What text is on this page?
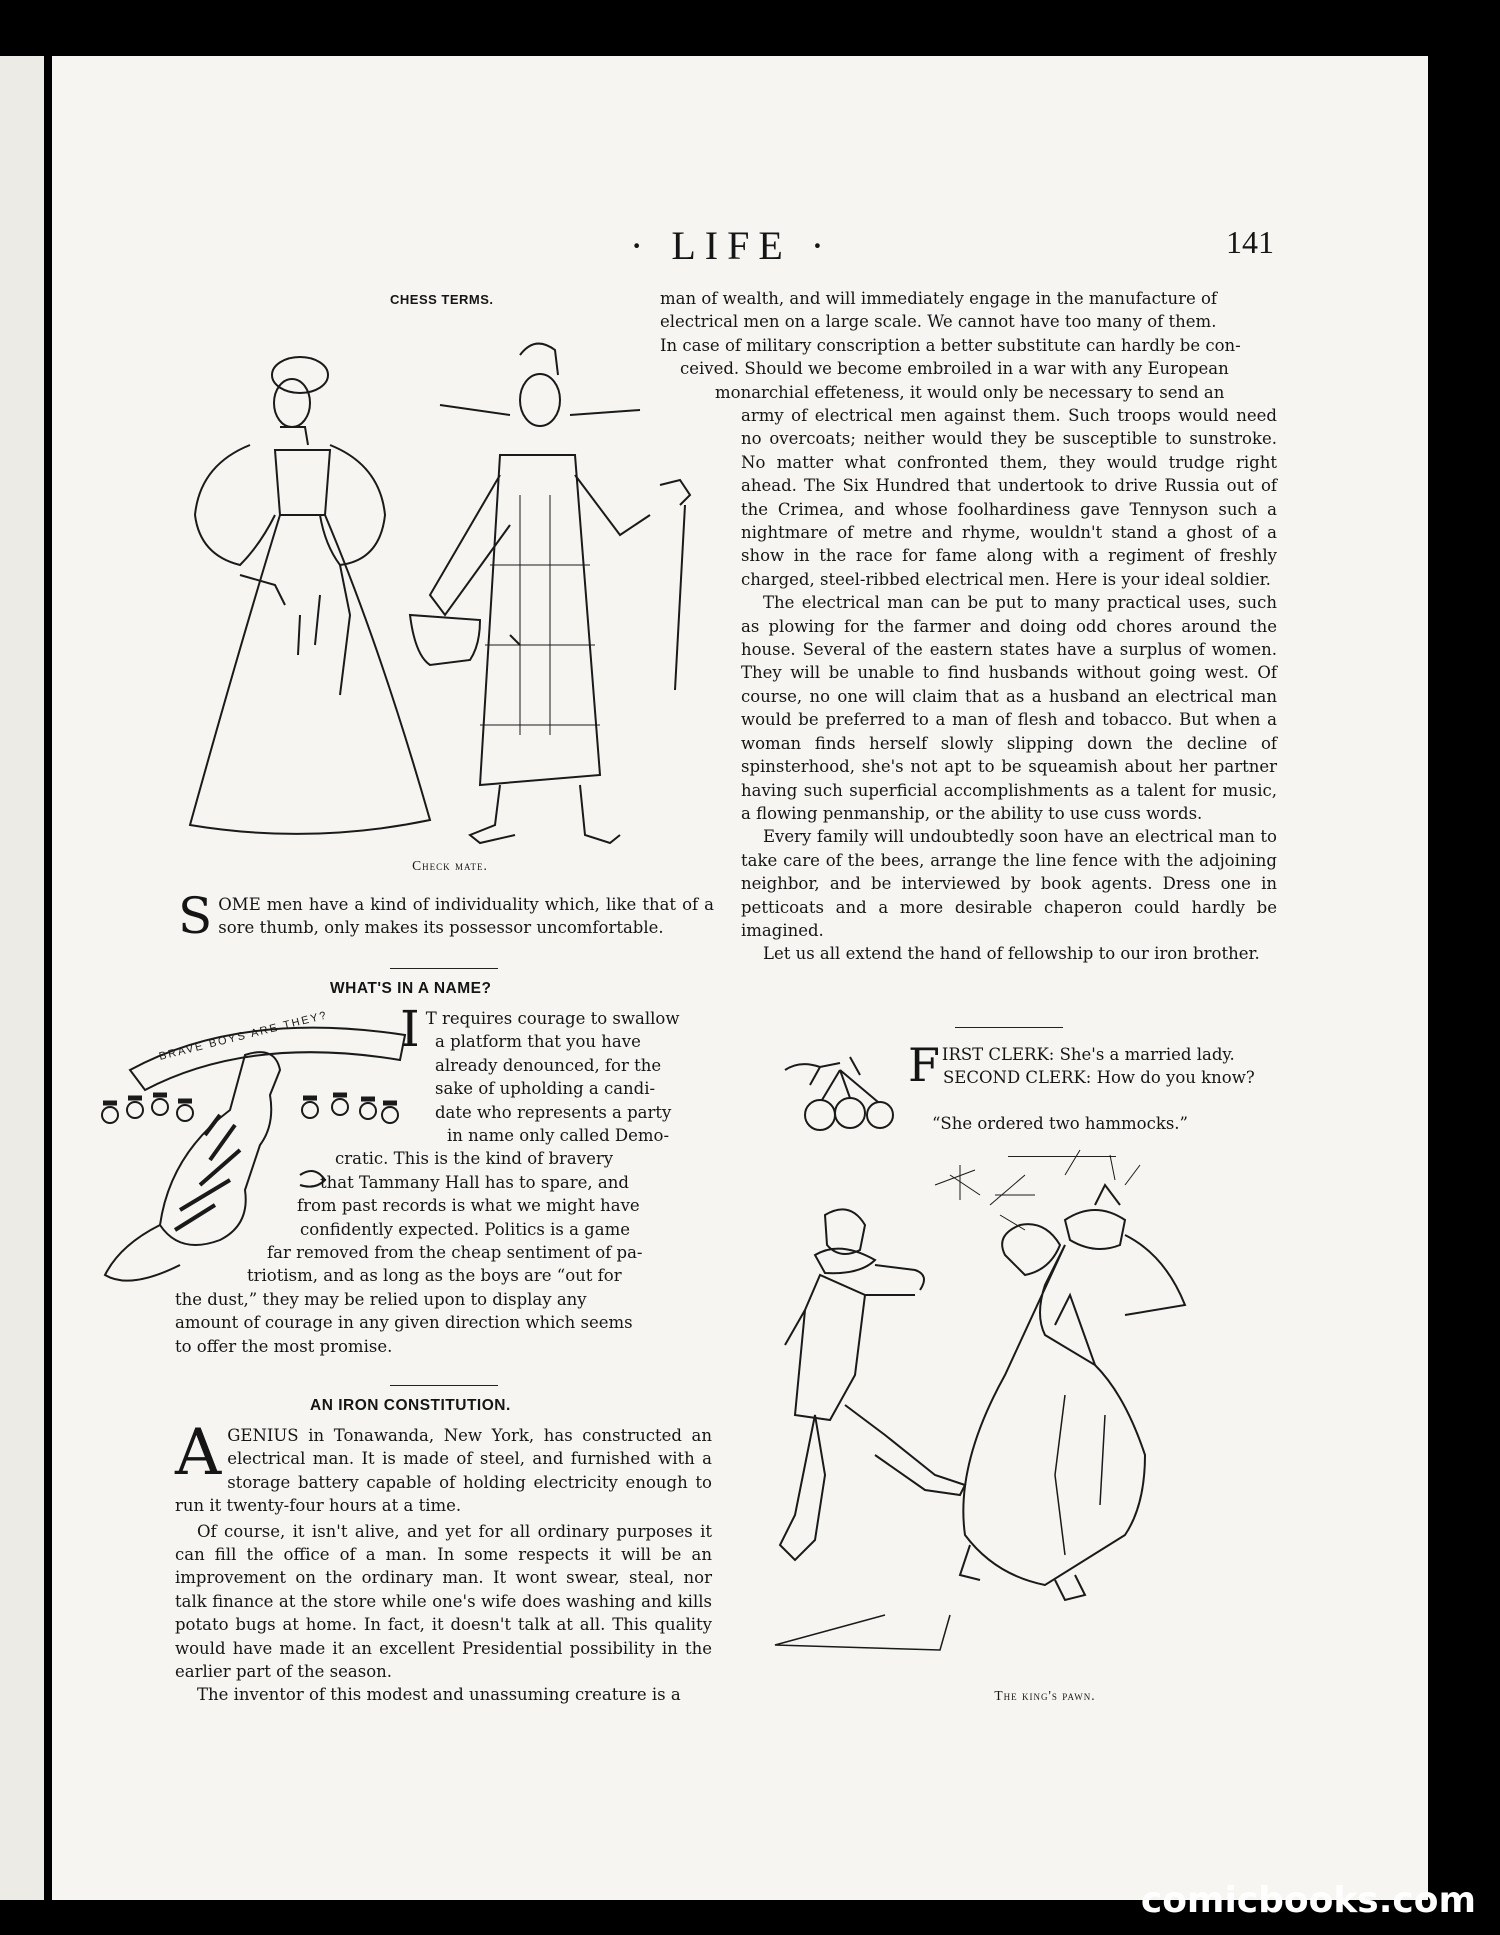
· LIFE ·	141
CHESS TERMS.
Check mate.
SOME men have a kind of individuality which, like that of a sore thumb, only makes its possessor uncomfortable.
WHAT'S IN A NAME?
BRAVE BOYS ARE THEY? I T requires courage to swallow
a platform that you have
already denounced, for the
sake of upholding a candi-
date who represents a party
in name only called Demo-
cratic. This is the kind of bravery
that Tammany Hall has to spare, and
from past records is what we might have
confidently expected. Politics is a game
far removed from the cheap sentiment of pa-
triotism, and as long as the boys are “out for
the dust,” they may be relied upon to display any
amount of courage in any given direction which seems
to offer the most promise.
AN IRON CONSTITUTION.

AGENIUS in Tonawanda, New York, has constructed an electrical man. It is made of steel, and furnished with a storage battery capable of holding electricity enough to run it twenty-four hours at a time.

Of course, it isn't alive, and yet for all ordinary purposes it can fill the office of a man. In some respects it will be an improvement on the ordinary man. It wont swear, steal, nor talk finance at the store while one's wife does washing and kills potato bugs at home. In fact, it doesn't talk at all. This quality would have made it an excellent Presidential possibility in the earlier part of the season.

The inventor of this modest and unassuming creature is a

man of wealth, and will immediately engage in the manufacture of
electrical men on a large scale. We cannot have too many of them.
In case of military conscription a better substitute can hardly be con-
ceived. Should we become embroiled in a war with any European
monarchial effeteness, it would only be necessary to send an

army of electrical men against them. Such troops would need no overcoats; neither would they be susceptible to sunstroke. No matter what confronted them, they would trudge right ahead. The Six Hundred that undertook to drive Russia out of the Crimea, and whose foolhardiness gave Tennyson such a nightmare of metre and rhyme, wouldn't stand a ghost of a show in the race for fame along with a regiment of freshly charged, steel-ribbed electrical men. Here is your ideal soldier.

The electrical man can be put to many practical uses, such as plowing for the farmer and doing odd chores around the house. Several of the eastern states have a surplus of women. They will be unable to find husbands without going west. Of course, no one will claim that as a husband an electrical man would be preferred to a man of flesh and tobacco. But when a woman finds herself slowly slipping down the decline of spinsterhood, she's not apt to be squeamish about her partner having such superficial accomplishments as a talent for music, a flowing penmanship, or the ability to use cuss words.

Every family will undoubtedly soon have an electrical man to take care of the bees, arrange the line fence with the adjoining neighbor, and be interviewed by book agents. Dress one in petticoats and a more desirable chaperon could hardly be imagined.

Let us all extend the hand of fellowship to our iron brother.

FIRST CLERK: She's a married lady.
SECOND CLERK: How do you know?
“She ordered two hammocks.”
The king's pawn.
comicbooks.com
